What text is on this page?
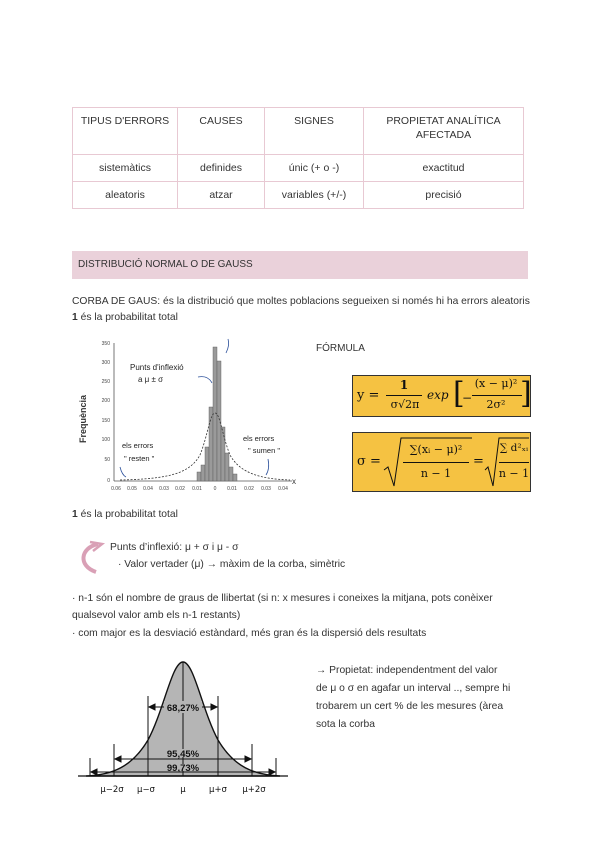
TIPUS D'ERRORS	CAUSES	SIGNES	PROPIETAT ANALÍTICA AFECTADA
sistemàtics	definides	únic (+ o -)	exactitud
aleatoris	atzar	variables (+/-)	precisió
DISTRIBUCIÓ NORMAL O DE GAUSS
CORBA DE GAUS: és la distribució que moltes poblacions segueixen si només hi ha errors aleatoris
1 és la probabilitat total
Frequència
350
300
250
200
150
100
50
0
0.06 0.05 0.04 0.03 0.02 0.01 0 0.01 0.02 0.03 0.04
x
Punts d'inflexió
a μ ± σ
els errors
" resten "
els errors
" sumen "
FÓRMULA
y =
1
σ√2π
exp [
−
(x − μ)²
2σ² ]
σ =
∑(xᵢ − μ)²
n − 1
=
∑ d²ₓᵢ
n − 1
1 és la probabilitat total
Punts d’inflexió: μ + σ i μ - σ
· Valor vertader (μ) → màxim de la corba, simètric
· n-1 són el nombre de graus de llibertat (si n: x mesures i coneixes la mitjana, pots conèixer
qualsevol valor amb els n-1 restants)
· com major es la desviació estàndard, més gran és la dispersió dels resultats
68,27%
95,45%
99,73%
μ−2σ μ−σ	μ	μ+σ μ+2σ
→ Propietat: independentment del valor
de μ o σ en agafar un interval .., sempre hi
trobarem un cert % de les mesures (àrea
sota la corba
